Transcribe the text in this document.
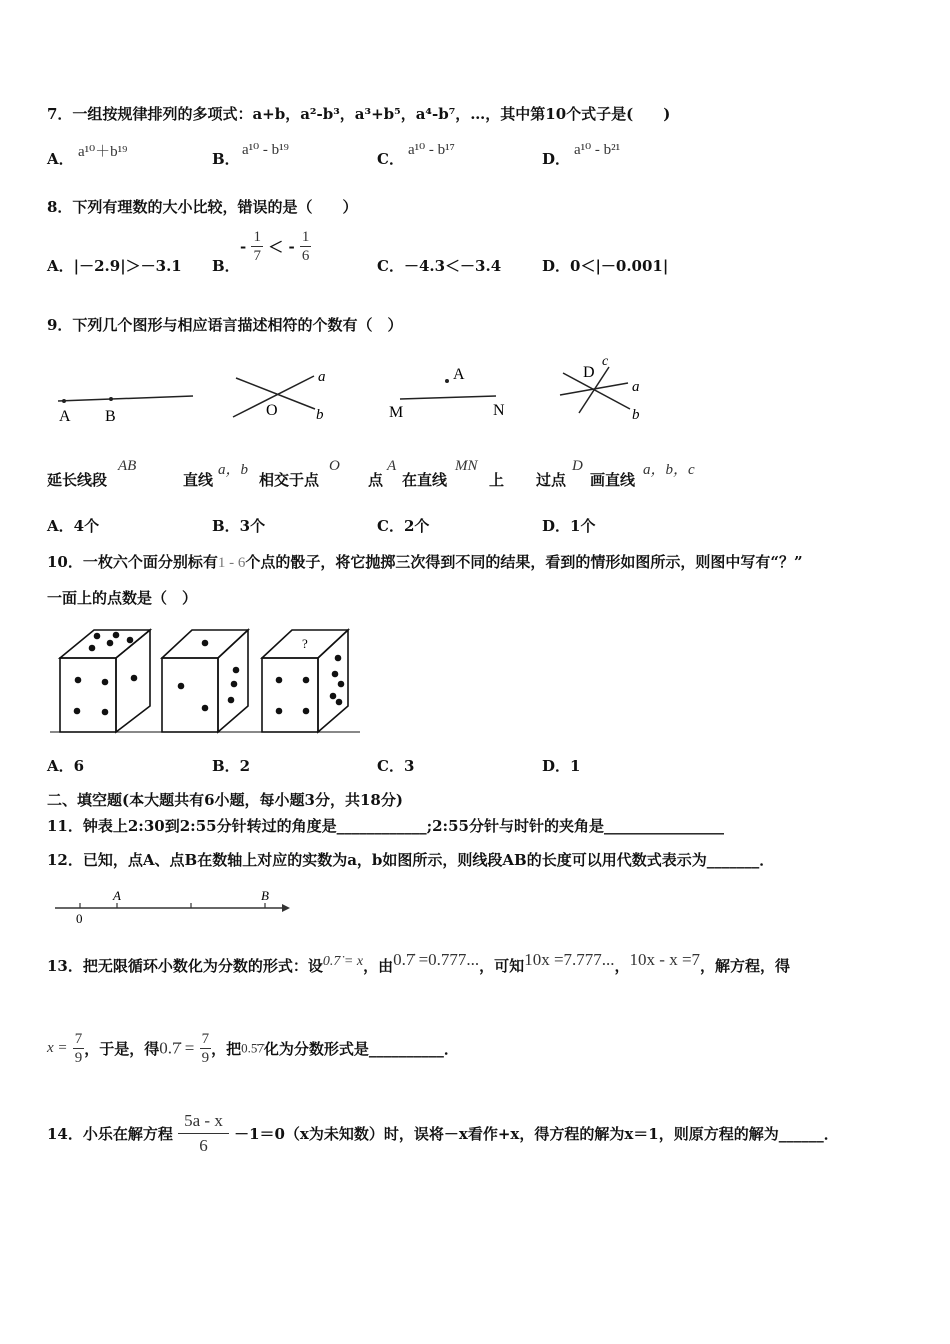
7．一组按规律排列的多项式：a+b，a²-b³，a³+b⁵，a⁴-b⁷，…，其中第10个式子是(　　)
A． a¹⁰＋b¹⁹	B． a¹⁰ - b¹⁹	C． a¹⁰ - b¹⁷	D． a¹⁰ - b²¹
8．下列有理数的大小比较，错误的是（　　）
A．|－2.9|＞－3.1 B．
- $\frac{1}{7}$ ＜ - $\frac{1}{6}$
C．－4.3＜－3.4	D．0＜|－0.001|
9．下列几个图形与相应语言描述相符的个数有（　）
A B
a
O	b
A
M	N
D
c
a
b
延长线段
AB
直线
a，b
相交于点
O
点
A
在直线
MN
上 过点
D
画直线
a，b，c
A．4个	B．3个	C．2个	D．1个
10．一枚六个面分别标有1 - 6个点的骰子，将它抛掷三次得到不同的结果，看到的情形如图所示，则图中写有“？”
一面上的点数是（　）
?
A．6	B．2	C．3	D．1
二、填空题(本大题共有6小题，每小题3分，共18分)
11．钟表上2:30到2:55分针转过的角度是____________;2:55分针与时针的夹角是________________
12．已知，点A、点B在数轴上对应的实数为a，b如图所示，则线段AB的长度可以用代数式表示为_______．
0
A	B
13．把无限循环小数化为分数的形式：设0.7̇ = x，由0.7̇ =0.777...，可知10x =7.777...，10x - x =7，解方程，得
$x = \frac{7}{9}$ ，于是，得0.7̇ = $\frac{7}{9}$ ，把0.5̇7̇化为分数形式是__________．
14．小乐在解方程 $\frac{5a - x}{6} -1=0(x$为未知数）时，误将－x看作+x，得方程的解为x＝1，则原方程的解为______．
